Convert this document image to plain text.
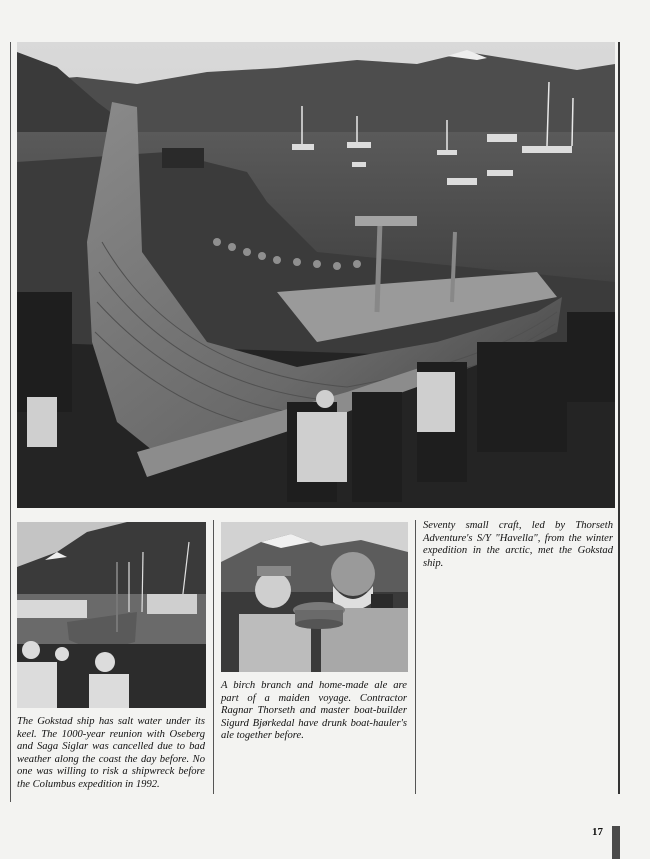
Seventy small craft, led by Thorseth Adventure's S/Y "Havella", from the winter expedition in the arctic, met the Gokstad ship.

The Gokstad ship has salt water under its keel. The 1000-year reunion with Oseberg and Saga Siglar was cancelled due to bad weather along the coast the day before. No one was willing to risk a shipwreck before the Columbus expedition in 1992.

A birch branch and home-made ale are part of a maiden voyage. Contractor Ragnar Thorseth and master boat-builder Sigurd Bjørkedal have drunk boat-hauler's ale together before.

17
